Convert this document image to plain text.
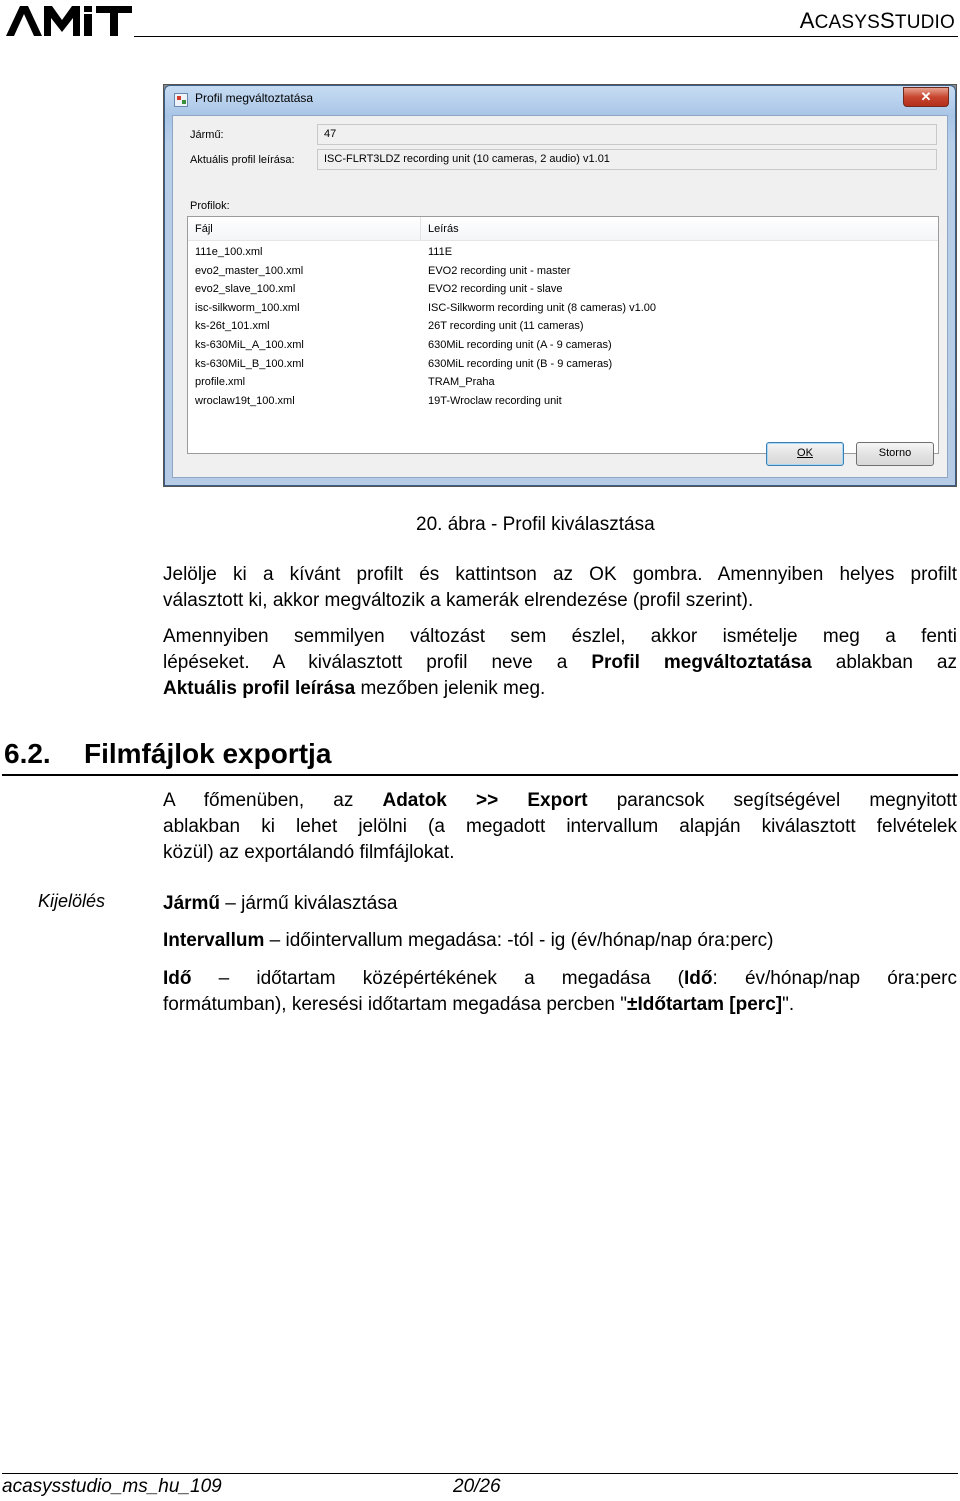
ACASYSSTUDIO
Profil megváltoztatása	✕
Jármű:	47
Aktuális profil leírása:	ISC-FLRT3LDZ recording unit (10 cameras, 2 audio) v1.01
Profilok:
Fájl	Leírás
111e_100.xml	111E
evo2_master_100.xml	EVO2 recording unit - master
evo2_slave_100.xml	EVO2 recording unit - slave
isc-silkworm_100.xml	ISC-Silkworm recording unit (8 cameras) v1.00
ks-26t_101.xml	26T recording unit (11 cameras)
ks-630MiL_A_100.xml	630MiL recording unit (A - 9 cameras)
ks-630MiL_B_100.xml	630MiL recording unit (B - 9 cameras)
profile.xml	TRAM_Praha
wroclaw19t_100.xml	19T-Wroclaw recording unit
OK	Storno
20. ábra - Profil kiválasztása
Jelölje ki a kívánt profilt és kattintson az OK gombra. Amennyiben helyes profilt
választott ki, akkor megváltozik a kamerák elrendezése (profil szerint).
Amennyiben semmilyen változást sem észlel, akkor ismételje meg a fenti
lépéseket. A kiválasztott profil neve a Profil megváltoztatása ablakban az
Aktuális profil leírása mezőben jelenik meg.
6.2. Filmfájlok exportja
A főmenüben, az Adatok >> Export parancsok segítségével megnyitott
ablakban ki lehet jelölni (a megadott intervallum alapján kiválasztott felvételek
közül) az exportálandó filmfájlokat.
Kijelölés	Jármű – jármű kiválasztása
Intervallum – időintervallum megadása: -tól - ig (év/hónap/nap óra:perc)
Idő – időtartam középértékének a megadása (Idő: év/hónap/nap óra:perc
formátumban), keresési időtartam megadása percben "±Időtartam [perc]".
acasysstudio_ms_hu_109	20/26
